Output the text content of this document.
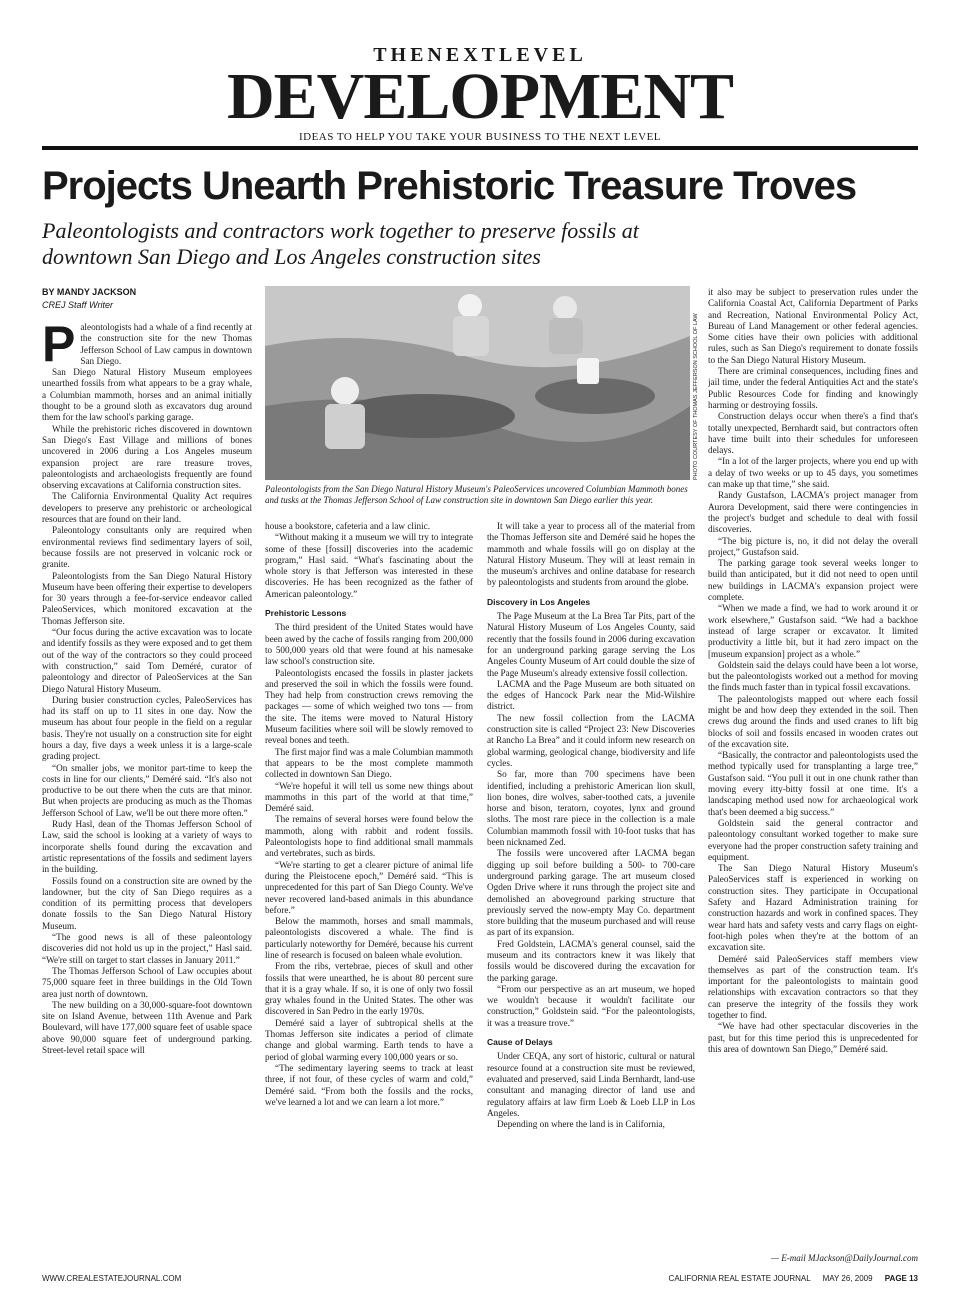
THENEXTLEVEL
DEVELOPMENT
IDEAS TO HELP YOU TAKE YOUR BUSINESS TO THE NEXT LEVEL
Projects Unearth Prehistoric Treasure Troves
Paleontologists and contractors work together to preserve fossils at downtown San Diego and Los Angeles construction sites
BY MANDY JACKSON
CREJ Staff Writer
PHOTO COURTESY OF THOMAS JEFFERSON SCHOOL OF LAW
Paleontologists from the San Diego Natural History Museum's PaleoServices uncovered Columbian Mammoth bones and tusks at the Thomas Jefferson School of Law construction site in downtown San Diego earlier this year.
P aleontologists had a whale of a find recently at the construction site for the new Thomas Jefferson School of Law campus in downtown San Diego.

San Diego Natural History Museum employees unearthed fossils from what appears to be a gray whale, a Columbian mammoth, horses and an animal initially thought to be a ground sloth as excavators dug around them for the law school's parking garage.

While the prehistoric riches discovered in downtown San Diego's East Village and millions of bones uncovered in 2006 during a Los Angeles museum expansion project are rare treasure troves, paleontologists and archaeologists frequently are found observing excavations at California construction sites.

The California Environmental Quality Act requires developers to preserve any prehistoric or archeological resources that are found on their land.

Paleontology consultants only are required when environmental reviews find sedimentary layers of soil, because fossils are not preserved in volcanic rock or granite.

Paleontologists from the San Diego Natural History Museum have been offering their expertise to developers for 30 years through a fee-for-service endeavor called PaleoServices, which monitored excavation at the Thomas Jefferson site.

“Our focus during the active excavation was to locate and identify fossils as they were exposed and to get them out of the way of the contractors so they could proceed with construction,” said Tom Deméré, curator of paleontology and director of PaleoServices at the San Diego Natural History Museum.

During busier construction cycles, PaleoServices has had its staff on up to 11 sites in one day. Now the museum has about four people in the field on a regular basis. They're not usually on a construction site for eight hours a day, five days a week unless it is a large-scale grading project.

“On smaller jobs, we monitor part-time to keep the costs in line for our clients,” Deméré said. “It's also not productive to be out there when the cuts are that minor. But when projects are producing as much as the Thomas Jefferson School of Law, we'll be out there more often.”

Rudy Hasl, dean of the Thomas Jefferson School of Law, said the school is looking at a variety of ways to incorporate shells found during the excavation and artistic representations of the fossils and sediment layers in the building.

Fossils found on a construction site are owned by the landowner, but the city of San Diego requires as a condition of its permitting process that developers donate fossils to the San Diego Natural History Museum.

“The good news is all of these paleontology discoveries did not hold us up in the project,” Hasl said. “We're still on target to start classes in January 2011.”

The Thomas Jefferson School of Law occupies about 75,000 square feet in three buildings in the Old Town area just north of downtown.

The new building on a 30,000-square-foot downtown site on Island Avenue, between 11th Avenue and Park Boulevard, will have 177,000 square feet of usable space above 90,000 square feet of underground parking. Street-level retail space will

house a bookstore, cafeteria and a law clinic.

“Without making it a museum we will try to integrate some of these [fossil] discoveries into the academic program,” Hasl said. “What's fascinating about the whole story is that Jefferson was interested in these discoveries. He has been recognized as the father of American paleontology.”

Prehistoric Lessons

The third president of the United States would have been awed by the cache of fossils ranging from 200,000 to 500,000 years old that were found at his namesake law school's construction site.

Paleontologists encased the fossils in plaster jackets and preserved the soil in which the fossils were found. They had help from construction crews removing the packages — some of which weighed two tons — from the site. The items were moved to Natural History Museum facilities where soil will be slowly removed to reveal bones and teeth.

The first major find was a male Columbian mammoth that appears to be the most complete mammoth collected in downtown San Diego.

“We're hopeful it will tell us some new things about mammoths in this part of the world at that time,” Deméré said.

The remains of several horses were found below the mammoth, along with rabbit and rodent fossils. Paleontologists hope to find additional small mammals and vertebrates, such as birds.

“We're starting to get a clearer picture of animal life during the Pleistocene epoch,” Deméré said. “This is unprecedented for this part of San Diego County. We've never recovered land-based animals in this abundance before.”

Below the mammoth, horses and small mammals, paleontologists discovered a whale. The find is particularly noteworthy for Deméré, because his current line of research is focused on baleen whale evolution.

From the ribs, vertebrae, pieces of skull and other fossils that were unearthed, he is about 80 percent sure that it is a gray whale. If so, it is one of only two fossil gray whales found in the United States. The other was discovered in San Pedro in the early 1970s.

Deméré said a layer of subtropical shells at the Thomas Jefferson site indicates a period of climate change and global warming. Earth tends to have a period of global warming every 100,000 years or so.

“The sedimentary layering seems to track at least three, if not four, of these cycles of warm and cold,” Deméré said. “From both the fossils and the rocks, we've learned a lot and we can learn a lot more.”

It will take a year to process all of the material from the Thomas Jefferson site and Deméré said he hopes the mammoth and whale fossils will go on display at the Natural History Museum. They will at least remain in the museum's archives and online database for research by paleontologists and students from around the globe.

Discovery in Los Angeles

The Page Museum at the La Brea Tar Pits, part of the Natural History Museum of Los Angeles County, said recently that the fossils found in 2006 during excavation for an underground parking garage serving the Los Angeles County Museum of Art could double the size of the Page Museum's already extensive fossil collection.

LACMA and the Page Museum are both situated on the edges of Hancock Park near the Mid-Wilshire district.

The new fossil collection from the LACMA construction site is called “Project 23: New Discoveries at Rancho La Brea” and it could inform new research on global warming, geological change, biodiversity and life cycles.

So far, more than 700 specimens have been identified, including a prehistoric American lion skull, lion bones, dire wolves, saber-toothed cats, a juvenile horse and bison, teratorn, coyotes, lynx and ground sloths. The most rare piece in the collection is a male Columbian mammoth fossil with 10-foot tusks that has been nicknamed Zed.

The fossils were uncovered after LACMA began digging up soil before building a 500- to 700-care underground parking garage. The art museum closed Ogden Drive where it runs through the project site and demolished an aboveground parking structure that previously served the now-empty May Co. department store building that the museum purchased and will reuse as part of its expansion.

Fred Goldstein, LACMA's general counsel, said the museum and its contractors knew it was likely that fossils would be discovered during the excavation for the parking garage.

“From our perspective as an art museum, we hoped we wouldn't because it wouldn't facilitate our construction,” Goldstein said. “For the paleontologists, it was a treasure trove.”

Cause of Delays

Under CEQA, any sort of historic, cultural or natural resource found at a construction site must be reviewed, evaluated and preserved, said Linda Bernhardt, land-use consultant and managing director of land use and regulatory affairs at law firm Loeb & Loeb LLP in Los Angeles.

Depending on where the land is in California,

it also may be subject to preservation rules under the California Coastal Act, California Department of Parks and Recreation, National Environmental Policy Act, Bureau of Land Management or other federal agencies. Some cities have their own policies with additional rules, such as San Diego's requirement to donate fossils to the San Diego Natural History Museum.

There are criminal consequences, including fines and jail time, under the federal Antiquities Act and the state's Public Resources Code for finding and knowingly harming or destroying fossils.

Construction delays occur when there's a find that's totally unexpected, Bernhardt said, but contractors often have time built into their schedules for unforeseen delays.

“In a lot of the larger projects, where you end up with a delay of two weeks or up to 45 days, you sometimes can make up that time,” she said.

Randy Gustafson, LACMA's project manager from Aurora Development, said there were contingencies in the project's budget and schedule to deal with fossil discoveries.

“The big picture is, no, it did not delay the overall project,” Gustafson said.

The parking garage took several weeks longer to build than anticipated, but it did not need to open until new buildings in LACMA's expansion project were complete.

“When we made a find, we had to work around it or work elsewhere,” Gustafson said. “We had a backhoe instead of large scraper or excavator. It limited productivity a little bit, but it had zero impact on the [museum expansion] project as a whole.”

Goldstein said the delays could have been a lot worse, but the paleontologists worked out a method for moving the finds much faster than in typical fossil excavations.

The paleontologists mapped out where each fossil might be and how deep they extended in the soil. Then crews dug around the finds and used cranes to lift big blocks of soil and fossils encased in wooden crates out of the excavation site.

“Basically, the contractor and paleontologists used the method typically used for transplanting a large tree,” Gustafson said. “You pull it out in one chunk rather than moving every itty-bitty fossil at one time. It's a landscaping method used now for archaeological work that's been deemed a big success.”

Goldstein said the general contractor and paleontology consultant worked together to make sure everyone had the proper construction safety training and equipment.

The San Diego Natural History Museum's PaleoServices staff is experienced in working on construction sites. They participate in Occupational Safety and Hazard Administration training for construction hazards and work in confined spaces. They wear hard hats and safety vests and carry flags on eight-foot-high poles when they're at the bottom of an excavation site.

Deméré said PaleoServices staff members view themselves as part of the construction team. It's important for the paleontologists to maintain good relationships with excavation contractors so that they can preserve the integrity of the fossils they work together to find.

“We have had other spectacular discoveries in the past, but for this time period this is unprecedented for this area of downtown San Diego,” Deméré said.

— E-mail MJackson@DailyJournal.com
WWW.CREALESTATEJOURNAL.COM	CALIFORNIA REAL ESTATE JOURNAL MAY 26, 2009 PAGE 13
